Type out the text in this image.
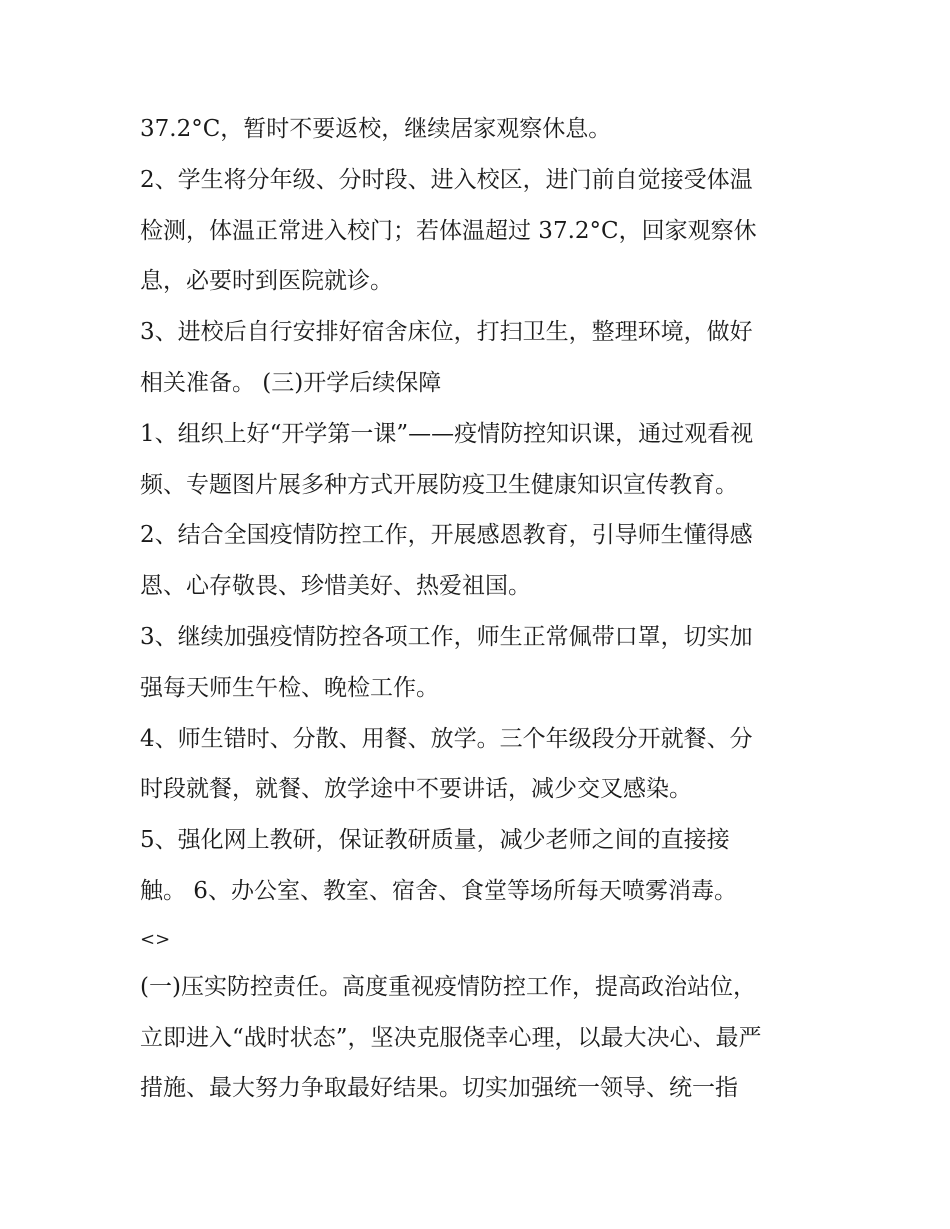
37.2°C，暂时不要返校，继续居家观察休息。
2、学生将分年级、分时段、进入校区，进门前自觉接受体温
检测，体温正常进入校门；若体温超过 37.2°C，回家观察休
息，必要时到医院就诊。
3、进校后自行安排好宿舍床位，打扫卫生，整理环境，做好
相关准备。 (三)开学后续保障
1、组织上好“开学第一课”——疫情防控知识课，通过观看视
频、专题图片展多种方式开展防疫卫生健康知识宣传教育。
2、结合全国疫情防控工作，开展感恩教育，引导师生懂得感
恩、心存敬畏、珍惜美好、热爱祖国。
3、继续加强疫情防控各项工作，师生正常佩带口罩，切实加
强每天师生午检、晚检工作。
4、师生错时、分散、用餐、放学。三个年级段分开就餐、分
时段就餐，就餐、放学途中不要讲话，减少交叉感染。
5、强化网上教研，保证教研质量，减少老师之间的直接接
触。 6、办公室、教室、宿舍、食堂等场所每天喷雾消毒。
<>
(一)压实防控责任。高度重视疫情防控工作，提高政治站位，
立即进入“战时状态”，坚决克服侥幸心理，以最大决心、最严
措施、最大努力争取最好结果。切实加强统一领导、统一指
